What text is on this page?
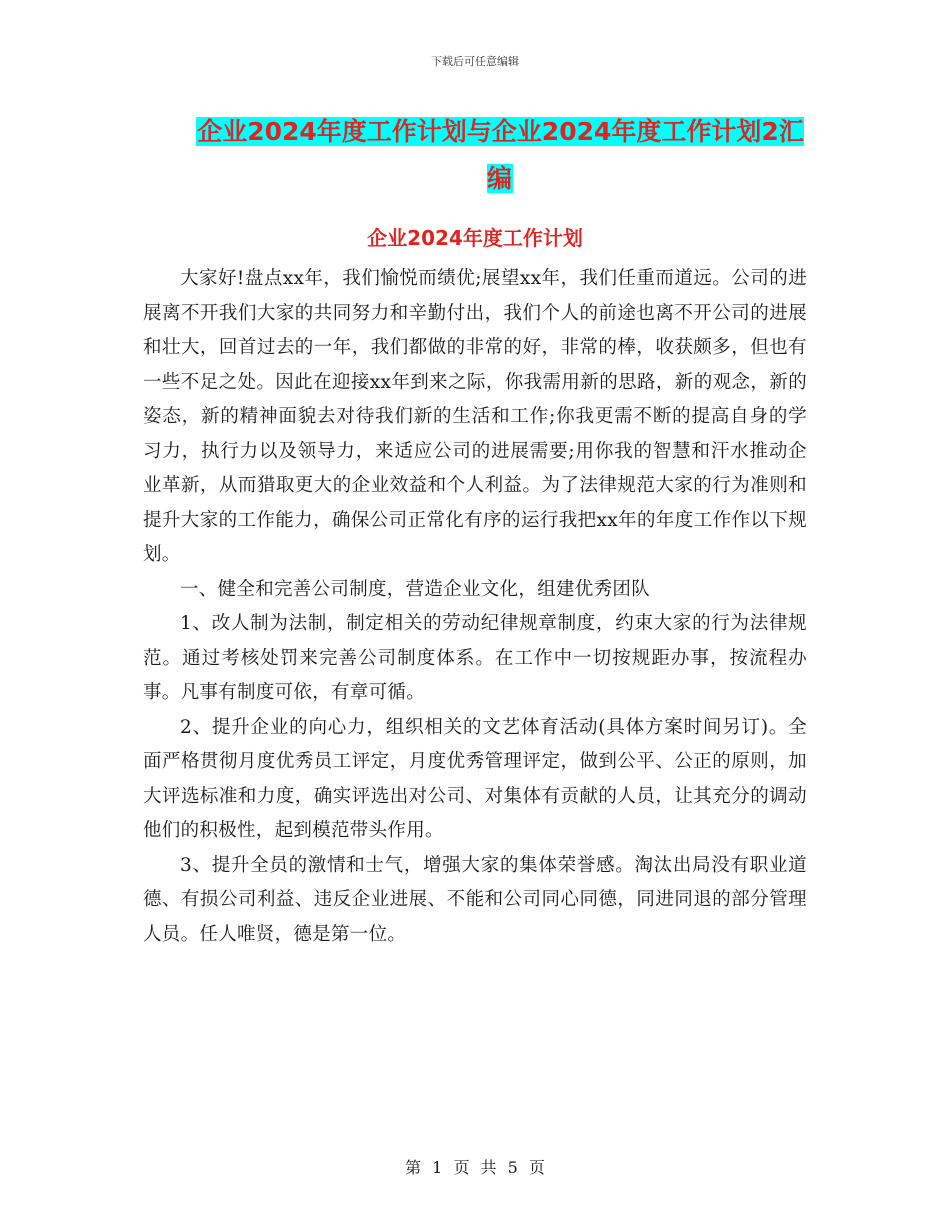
下载后可任意编辑
企业2024年度工作计划与企业2024年度工作计划2汇编
企业2024年度工作计划

大家好!盘点xx年，我们愉悦而绩优;展望xx年，我们任重而道远。公司的进展离不开我们大家的共同努力和辛勤付出，我们个人的前途也离不开公司的进展和壮大，回首过去的一年，我们都做的非常的好，非常的棒，收获颇多，但也有一些不足之处。因此在迎接xx年到来之际，你我需用新的思路，新的观念，新的姿态，新的精神面貌去对待我们新的生活和工作;你我更需不断的提高自身的学习力，执行力以及领导力，来适应公司的进展需要;用你我的智慧和汗水推动企业革新，从而猎取更大的企业效益和个人利益。为了法律规范大家的行为准则和提升大家的工作能力，确保公司正常化有序的运行我把xx年的年度工作作以下规划。

一、健全和完善公司制度，营造企业文化，组建优秀团队

1、改人制为法制，制定相关的劳动纪律规章制度，约束大家的行为法律规范。通过考核处罚来完善公司制度体系。在工作中一切按规距办事，按流程办事。凡事有制度可依，有章可循。

2、提升企业的向心力，组织相关的文艺体育活动(具体方案时间另订)。全面严格贯彻月度优秀员工评定，月度优秀管理评定，做到公平、公正的原则，加大评选标准和力度，确实评选出对公司、对集体有贡献的人员，让其充分的调动他们的积极性，起到模范带头作用。

3、提升全员的激情和士气，增强大家的集体荣誉感。淘汰出局没有职业道德、有损公司利益、违反企业进展、不能和公司同心同德，同进同退的部分管理人员。任人唯贤，德是第一位。

第 1 页 共 5 页
